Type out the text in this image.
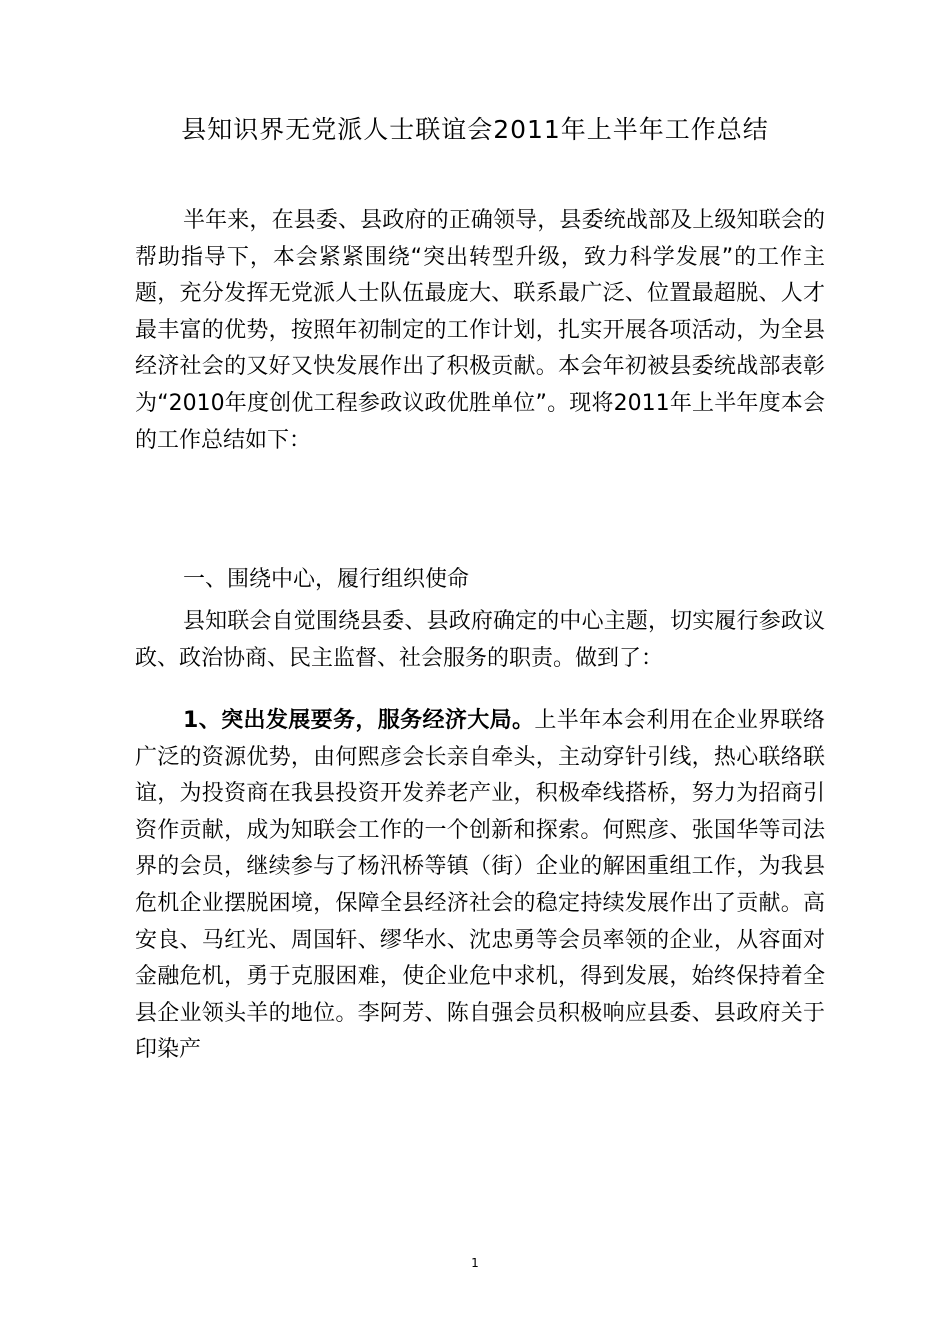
县知识界无党派人士联谊会2011年上半年工作总结

半年来，在县委、县政府的正确领导，县委统战部及上级知联会的帮助指导下，本会紧紧围绕“突出转型升级，致力科学发展”的工作主题，充分发挥无党派人士队伍最庞大、联系最广泛、位置最超脱、人才最丰富的优势，按照年初制定的工作计划，扎实开展各项活动，为全县经济社会的又好又快发展作出了积极贡献。本会年初被县委统战部表彰为“2010年度创优工程参政议政优胜单位”。现将2011年上半年度本会的工作总结如下：

一、围绕中心，履行组织使命

县知联会自觉围绕县委、县政府确定的中心主题，切实履行参政议政、政治协商、民主监督、社会服务的职责。做到了：

1、突出发展要务，服务经济大局。上半年本会利用在企业界联络广泛的资源优势，由何熙彦会长亲自牵头，主动穿针引线，热心联络联谊，为投资商在我县投资开发养老产业，积极牵线搭桥，努力为招商引资作贡献，成为知联会工作的一个创新和探索。何熙彦、张国华等司法界的会员，继续参与了杨汛桥等镇（街）企业的解困重组工作，为我县危机企业摆脱困境，保障全县经济社会的稳定持续发展作出了贡献。高安良、马红光、周国轩、缪华水、沈忠勇等会员率领的企业，从容面对金融危机，勇于克服困难，使企业危中求机，得到发展，始终保持着全县企业领头羊的地位。李阿芳、陈自强会员积极响应县委、县政府关于印染产

1
